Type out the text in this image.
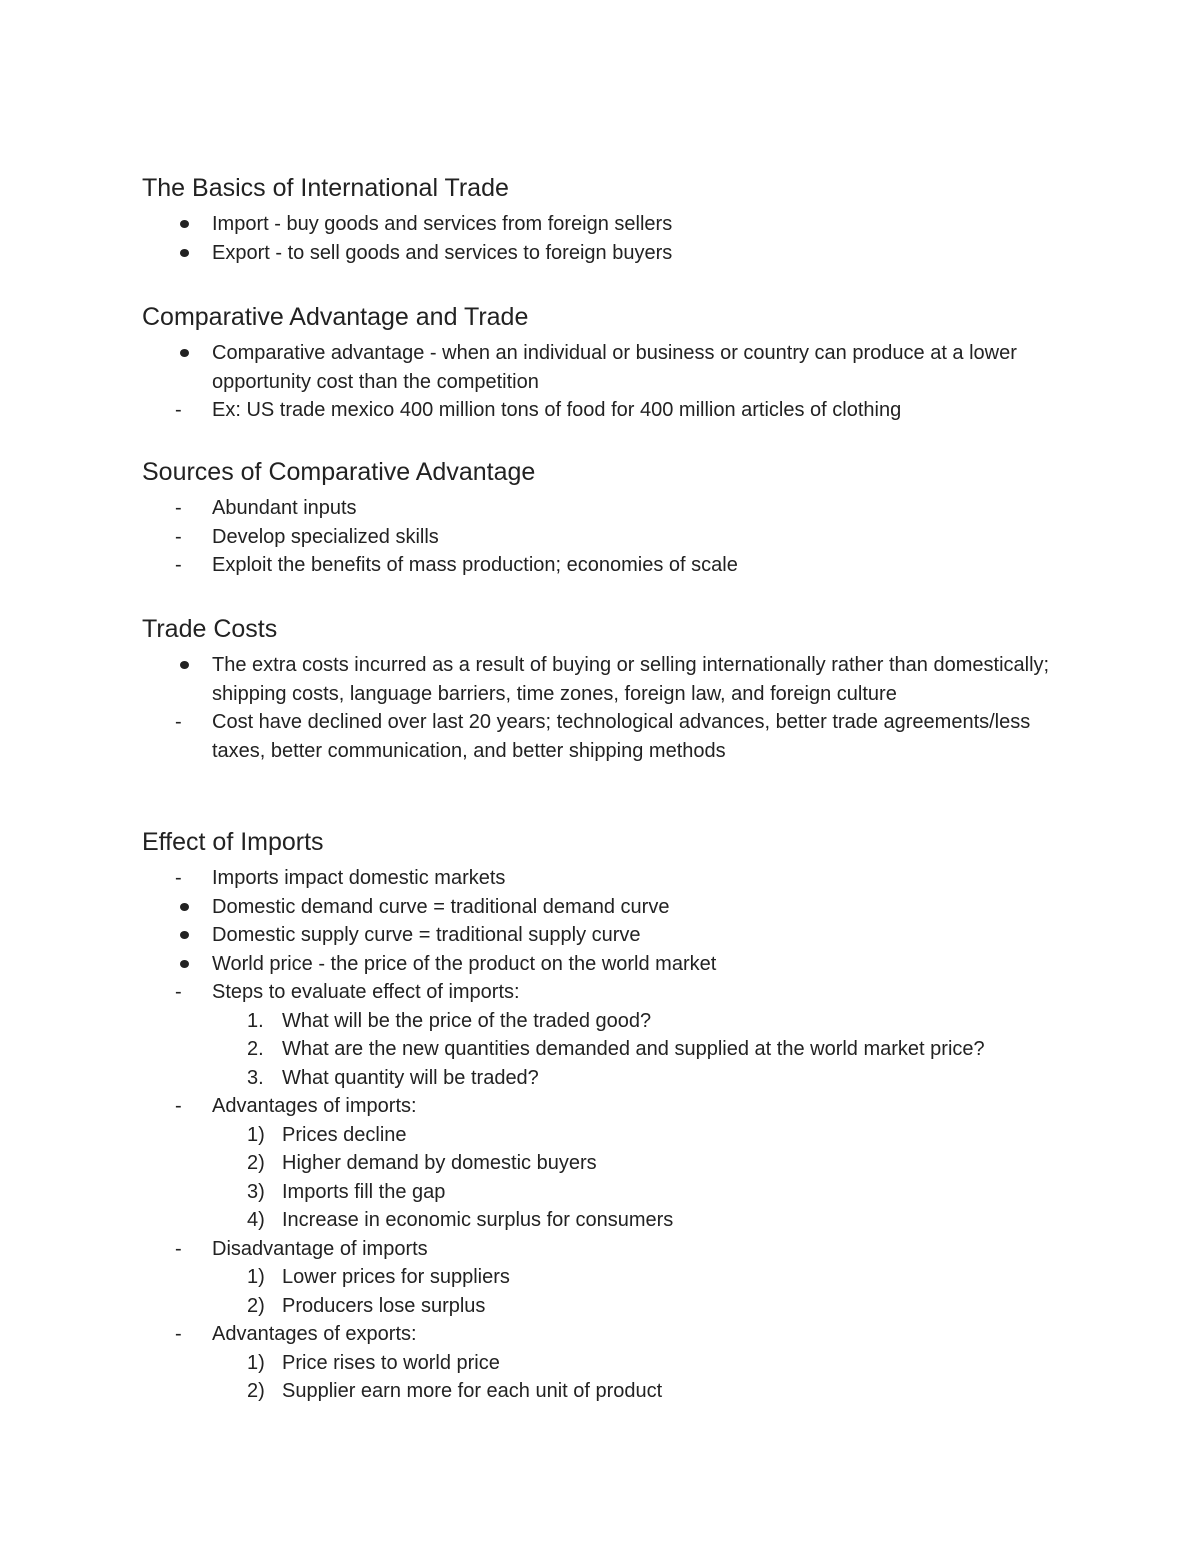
The Basics of International Trade
Import - buy goods and services from foreign sellers
Export - to sell goods and services to foreign buyers
Comparative Advantage and Trade
Comparative advantage - when an individual or business or country can produce at a lower opportunity cost than the competition
- Ex: US trade mexico 400 million tons of food for 400 million articles of clothing
Sources of Comparative Advantage
- Abundant inputs
- Develop specialized skills
- Exploit the benefits of mass production; economies of scale
Trade Costs
The extra costs incurred as a result of buying or selling internationally rather than domestically; shipping costs, language barriers, time zones, foreign law, and foreign culture
- Cost have declined over last 20 years; technological advances, better trade agreements/less taxes, better communication, and better shipping methods
Effect of Imports
- Imports impact domestic markets
Domestic demand curve = traditional demand curve
Domestic supply curve = traditional supply curve
World price - the price of the product on the world market
- Steps to evaluate effect of imports:
1. What will be the price of the traded good?
2. What are the new quantities demanded and supplied at the world market price?
3. What quantity will be traded?
- Advantages of imports:
1) Prices decline
2) Higher demand by domestic buyers
3) Imports fill the gap
4) Increase in economic surplus for consumers
- Disadvantage of imports
1) Lower prices for suppliers
2) Producers lose surplus
- Advantages of exports:
1) Price rises to world price
2) Supplier earn more for each unit of product
